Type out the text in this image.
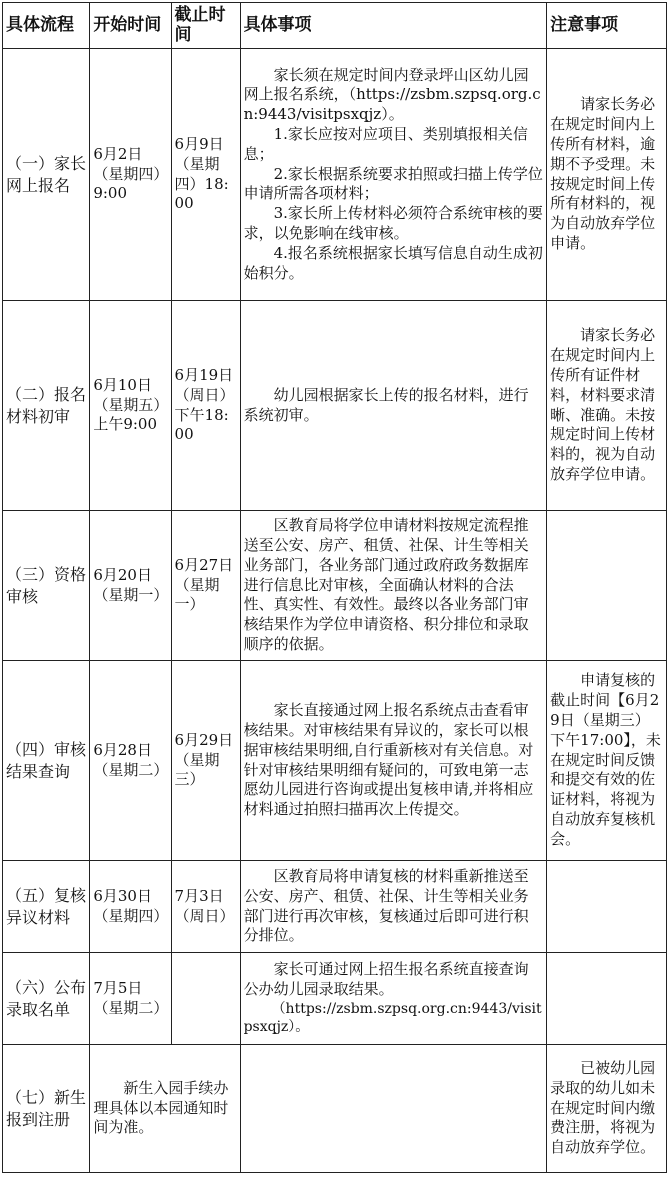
具体流程	开始时间	截止时间	具体事项	注意事项
（一）家长网上报名	6月2日（星期四）9:00	6月9日（星期四）18:00	家长须在规定时间内登录坪山区幼儿园网上报名系统，（https://zsbm.szpsq.org.cn:9443/visitpsxqjz）。

1.家长应按对应项目、类别填报相关信息；
2.家长根据系统要求拍照或扫描上传学位申请所需各项材料；
3.家长所上传材料必须符合系统审核的要求，以免影响在线审核。
4.报名系统根据家长填写信息自动生成初始积分。	请家长务必在规定时间内上传所有材料，逾期不予受理。未按规定时间上传所有材料的，视为自动放弃学位申请。

（二）报名材料初审	6月10日（星期五）上午9:00	6月19日（周日）下午18:00	幼儿园根据家长上传的报名材料，进行系统初审。	请家长务必在规定时间内上传所有证件材料，材料要求清晰、准确。未按规定时间上传材料的，视为自动放弃学位申请。

（三）资格审核	6月20日（星期一）	6月27日（星期一）	区教育局将学位申请材料按规定流程推送至公安、房产、租赁、社保、计生等相关业务部门，各业务部门通过政府政务数据库进行信息比对审核，全面确认材料的合法性、真实性、有效性。最终以各业务部门审核结果作为学位申请资格、积分排位和录取顺序的依据。	

（四）审核结果查询	6月28日（星期二）	6月29日（星期三）	家长直接通过网上报名系统点击查看审核结果。对审核结果有异议的，家长可以根据审核结果明细,自行重新核对有关信息。对针对审核结果明细有疑问的，可致电第一志愿幼儿园进行咨询或提出复核申请,并将相应材料通过拍照扫描再次上传提交。	申请复核的截止时间【6月29日（星期三）下午17:00】，未在规定时间反馈和提交有效的佐证材料，将视为自动放弃复核机会。

（五）复核异议材料	6月30日（星期四）	7月3日（周日）	区教育局将申请复核的材料重新推送至公安、房产、租赁、社保、计生等相关业务部门进行再次审核，复核通过后即可进行积分排位。	

（六）公布录取名单	7月5日（星期二）		家长可通过网上招生报名系统直接查询公办幼儿园录取结果。

（https://zsbm.szpsq.org.cn:9443/visitpsxqjz）。	

（七）新生报到注册	新生入园手续办理具体以本园通知时间为准。			已被幼儿园录取的幼儿如未在规定时间内缴费注册，将视为自动放弃学位。
